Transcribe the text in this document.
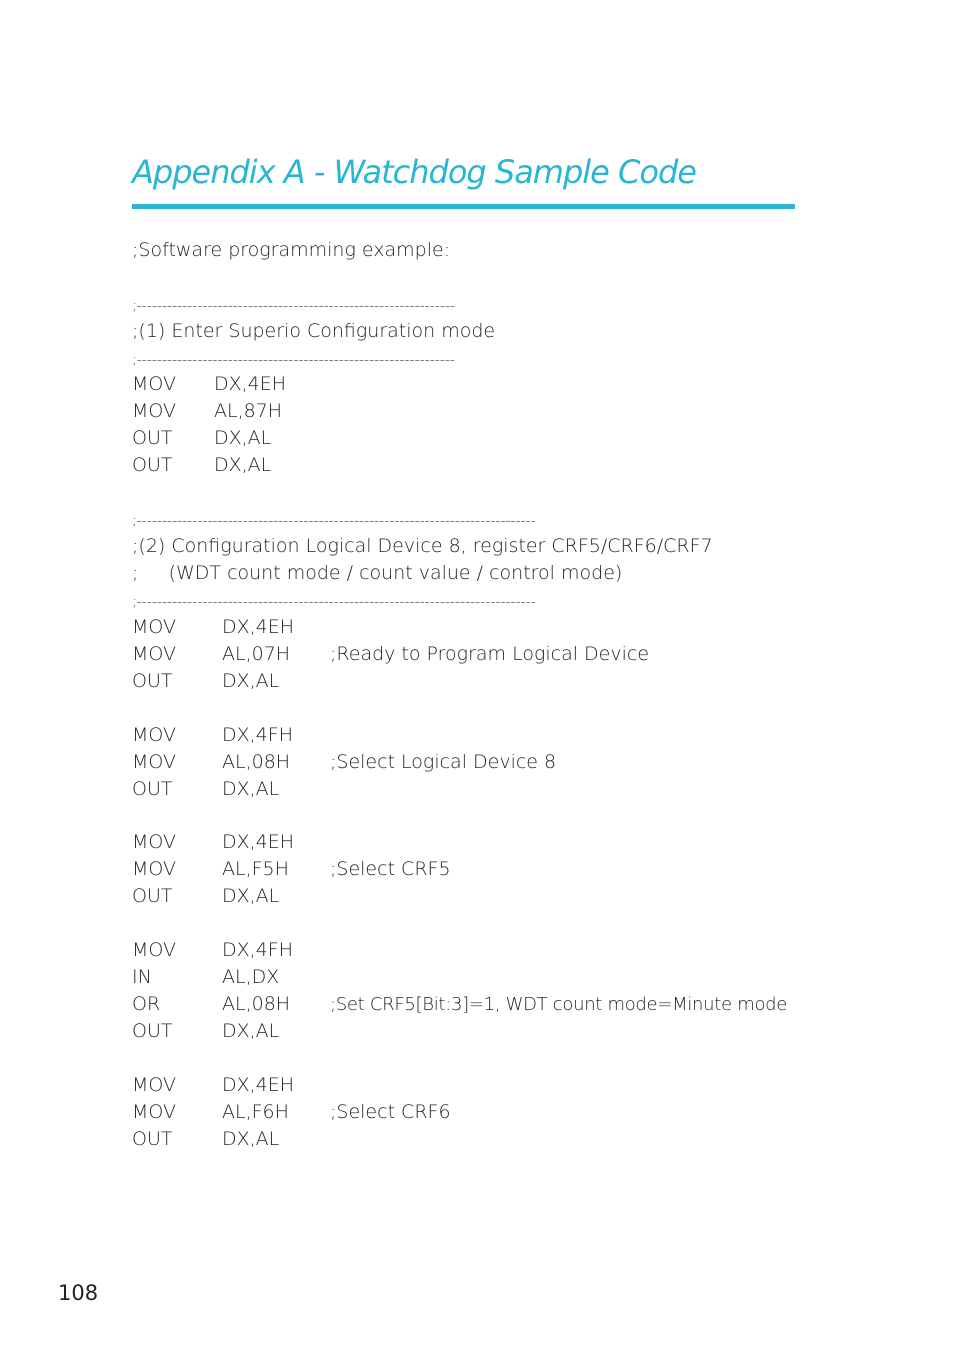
Appendix A - Watchdog Sample Code
;Software programming example:
;---------------------------------------------------------------
;(1) Enter Superio Configuration mode
;---------------------------------------------------------------
MOV DX,4EH
MOV AL,87H
OUT DX,AL
OUT DX,AL
;-------------------------------------------------------------------------------
;(2) Configuration Logical Device 8, register CRF5/CRF6/CRF7
;     (WDT count mode / count value / control mode)
;-------------------------------------------------------------------------------
MOV DX,4EH
MOV AL,07H ;Ready to Program Logical Device
OUT	DX,AL
MOV DX,4FH
MOV AL,08H ;Select Logical Device 8
OUT	DX,AL
MOV DX,4EH
MOV AL,F5H ;Select CRF5
OUT	DX,AL
MOV DX,4FH
IN	AL,DX
OR	AL,08H ;Set CRF5[Bit:3]=1, WDT count mode=Minute mode
OUT	DX,AL
MOV DX,4EH
MOV AL,F6H ;Select CRF6
OUT	DX,AL
108
